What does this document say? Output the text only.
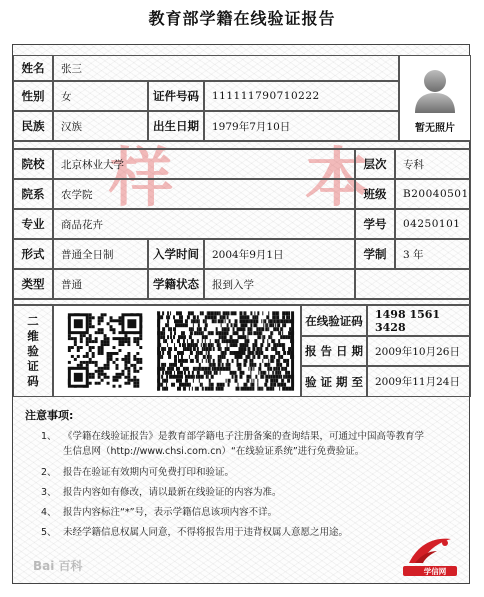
教育部学籍在线验证报告
样 本
姓名	张三
暂无照片
性别	女	证件号码	111111790710222
民族	汉族	出生日期	1979年7月10日
院校	北京林业大学	层次	专科
院系	农学院	班级	B20040501
专业	商品花卉	学号	04250101
形式	普通全日制	入学时间	2004年9月1日	学制	3 年
类型	普通	学籍状态	报到入学
二
维
验
证
码
在线验证码	1498 1561 3428
报 告 日 期	2009年10月26日
验 证 期 至	2009年11月24日
注意事项:
1、 《学籍在线验证报告》是教育部学籍电子注册备案的查询结果，可通过中国高等教育学
生信息网（http://www.chsi.com.cn）“在线验证系统”进行免费验证。
2、 报告在验证有效期内可免费打印和验证。
3、 报告内容如有修改，请以最新在线验证的内容为准。
4、 报告内容标注“*”号，表示学籍信息该项内容不详。
5、 未经学籍信息权属人同意，不得将报告用于违背权属人意愿之用途。
Bai 百科	学信网
